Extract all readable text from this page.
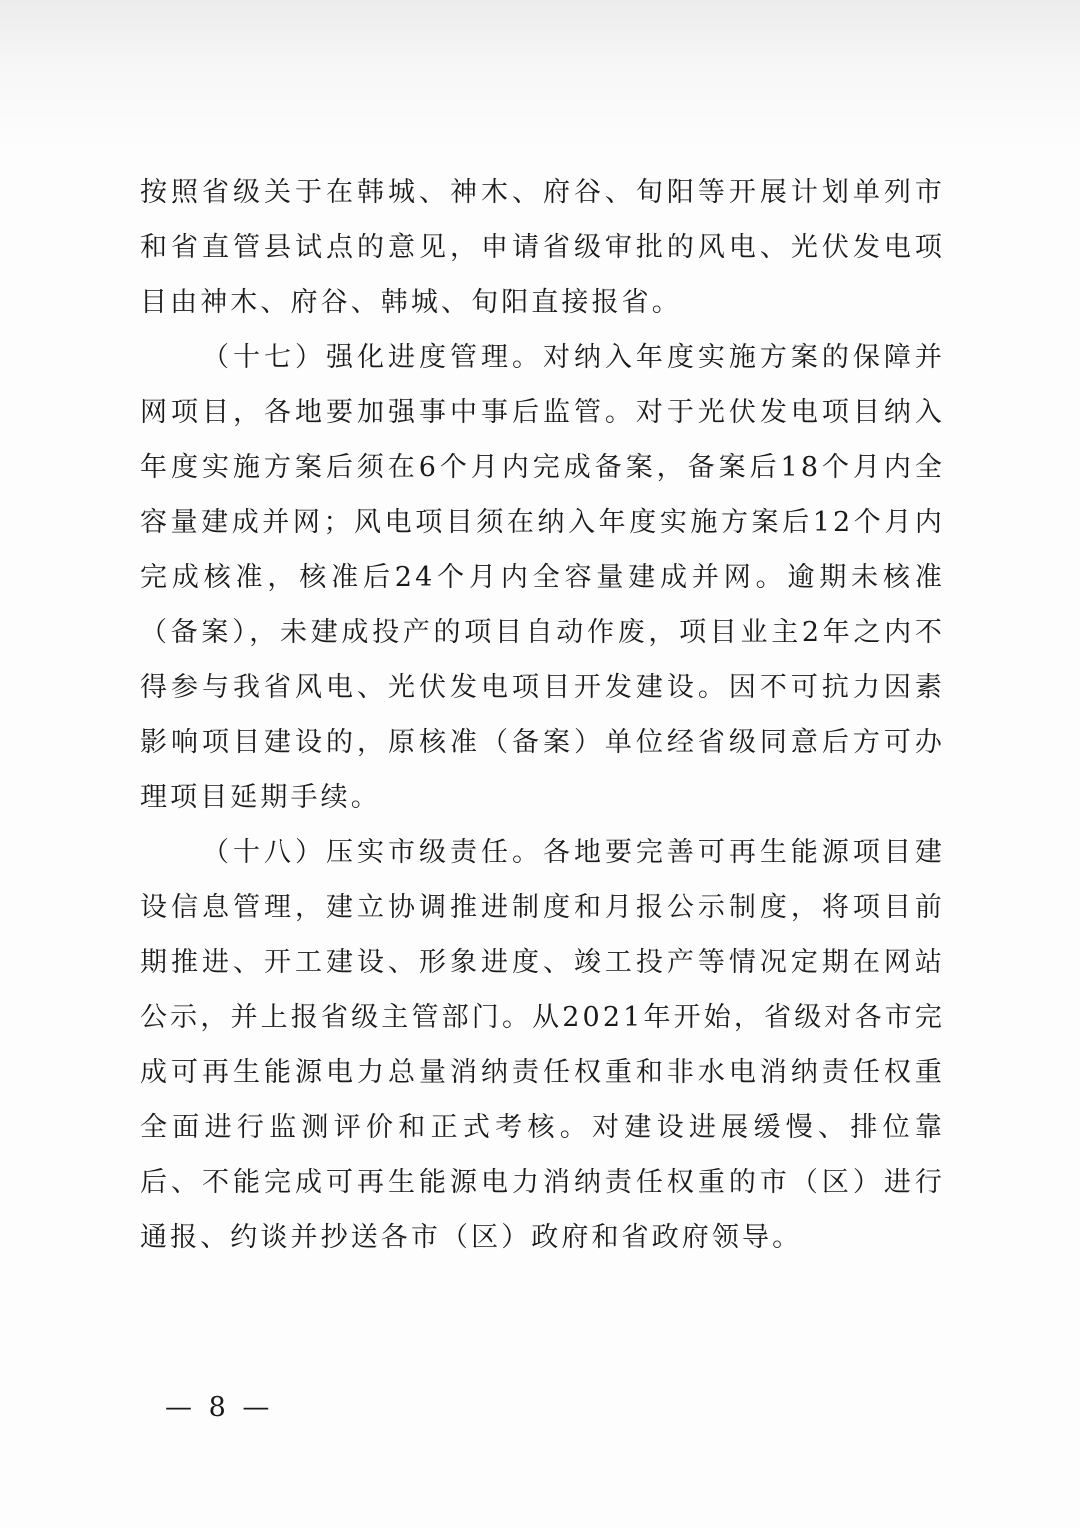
按照省级关于在韩城、神木、府谷、旬阳等开展计划单列市和省直管县试点的意见，申请省级审批的风电、光伏发电项目由神木、府谷、韩城、旬阳直接报省。

（十七）强化进度管理。对纳入年度实施方案的保障并网项目，各地要加强事中事后监管。对于光伏发电项目纳入年度实施方案后须在6个月内完成备案，备案后18个月内全容量建成并网；风电项目须在纳入年度实施方案后12个月内完成核准，核准后24个月内全容量建成并网。逾期未核准（备案），未建成投产的项目自动作废，项目业主2年之内不得参与我省风电、光伏发电项目开发建设。因不可抗力因素影响项目建设的，原核准（备案）单位经省级同意后方可办理项目延期手续。

（十八）压实市级责任。各地要完善可再生能源项目建设信息管理，建立协调推进制度和月报公示制度，将项目前期推进、开工建设、形象进度、竣工投产等情况定期在网站公示，并上报省级主管部门。从2021年开始，省级对各市完成可再生能源电力总量消纳责任权重和非水电消纳责任权重全面进行监测评价和正式考核。对建设进展缓慢、排位靠后、不能完成可再生能源电力消纳责任权重的市（区）进行通报、约谈并抄送各市（区）政府和省政府领导。

— 8 —
